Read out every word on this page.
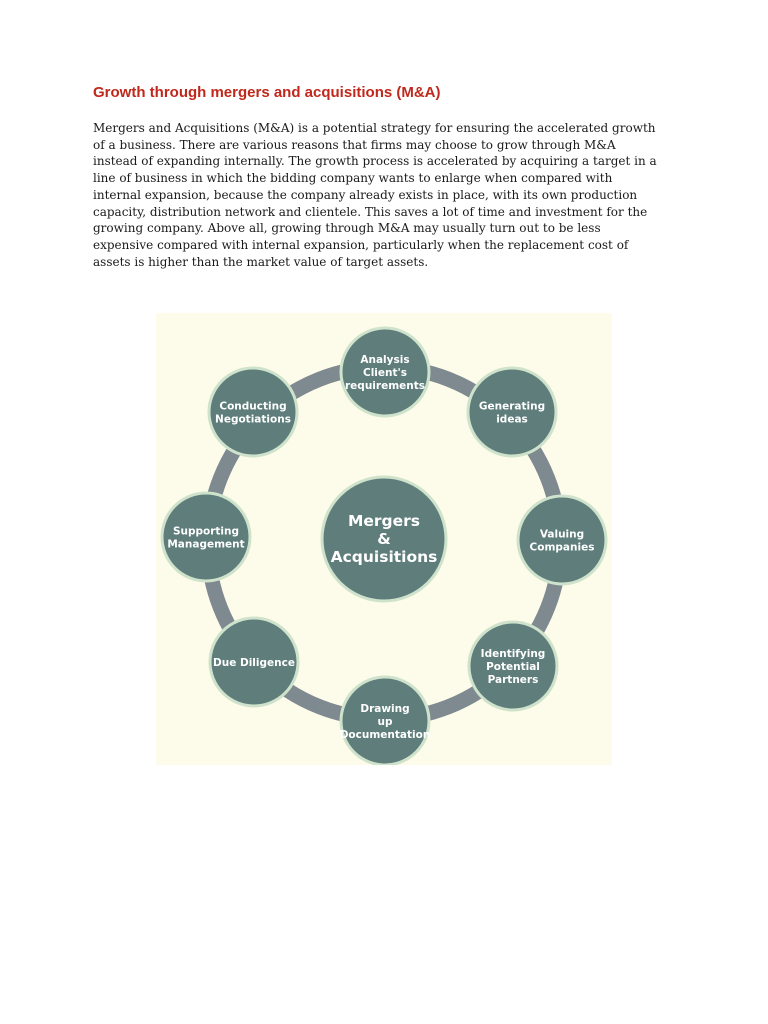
Growth through mergers and acquisitions (M&A)
Mergers and Acquisitions (M&A) is a potential strategy for ensuring the accelerated growth
of a business. There are various reasons that firms may choose to grow through M&A
instead of expanding internally. The growth process is accelerated by acquiring a target in a
line of business in which the bidding company wants to enlarge when compared with
internal expansion, because the company already exists in place, with its own production
capacity, distribution network and clientele. This saves a lot of time and investment for the
growing company. Above all, growing through M&A may usually turn out to be less
expensive compared with internal expansion, particularly when the replacement cost of
assets is higher than the market value of target assets.
Mergers & Acquisitions
Analysis Client's requirements
Generating ideas
Valuing Companies
Identifying Potential Partners
Drawing up Documentation
Due Diligence
Supporting Management
Conducting Negotiations
